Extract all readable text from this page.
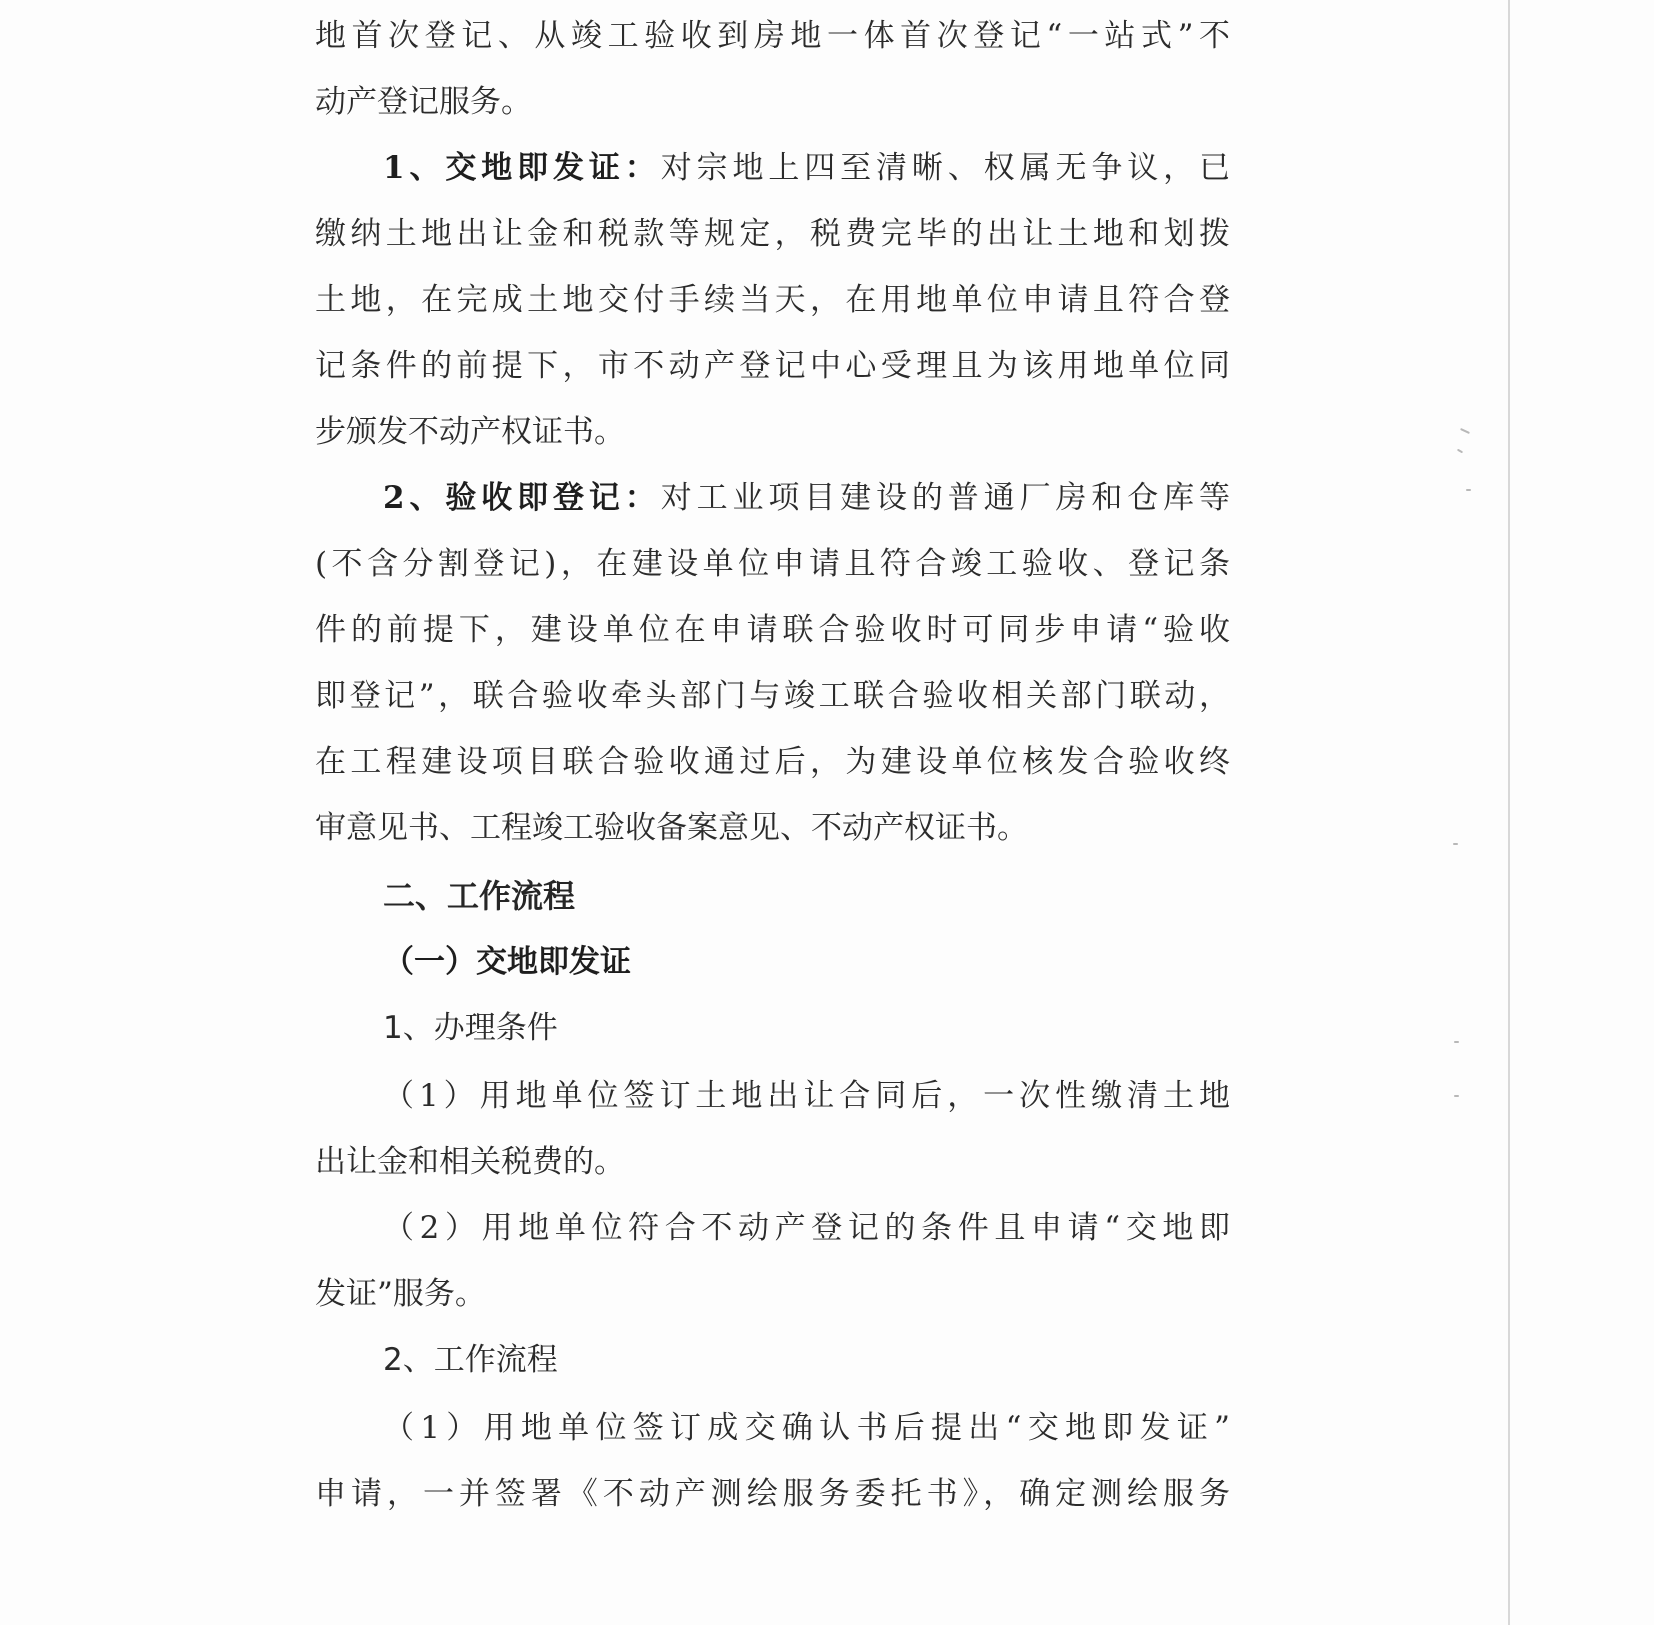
地首次登记、从竣工验收到房地一体首次登记“一站式”不
动产登记服务。
1、交地即发证：对宗地上四至清晰、权属无争议，已
缴纳土地出让金和税款等规定，税费完毕的出让土地和划拨
土地，在完成土地交付手续当天，在用地单位申请且符合登
记条件的前提下，市不动产登记中心受理且为该用地单位同
步颁发不动产权证书。
2、验收即登记：对工业项目建设的普通厂房和仓库等
(不含分割登记)，在建设单位申请且符合竣工验收、登记条
件的前提下，建设单位在申请联合验收时可同步申请“验收
即登记”，联合验收牵头部门与竣工联合验收相关部门联动，
在工程建设项目联合验收通过后，为建设单位核发合验收终
审意见书、工程竣工验收备案意见、不动产权证书。
二、工作流程
（一）交地即发证
1、办理条件
（1）用地单位签订土地出让合同后，一次性缴清土地
出让金和相关税费的。
（2）用地单位符合不动产登记的条件且申请“交地即
发证”服务。
2、工作流程
（1）用地单位签订成交确认书后提出“交地即发证”
申请，一并签署《不动产测绘服务委托书》，确定测绘服务
